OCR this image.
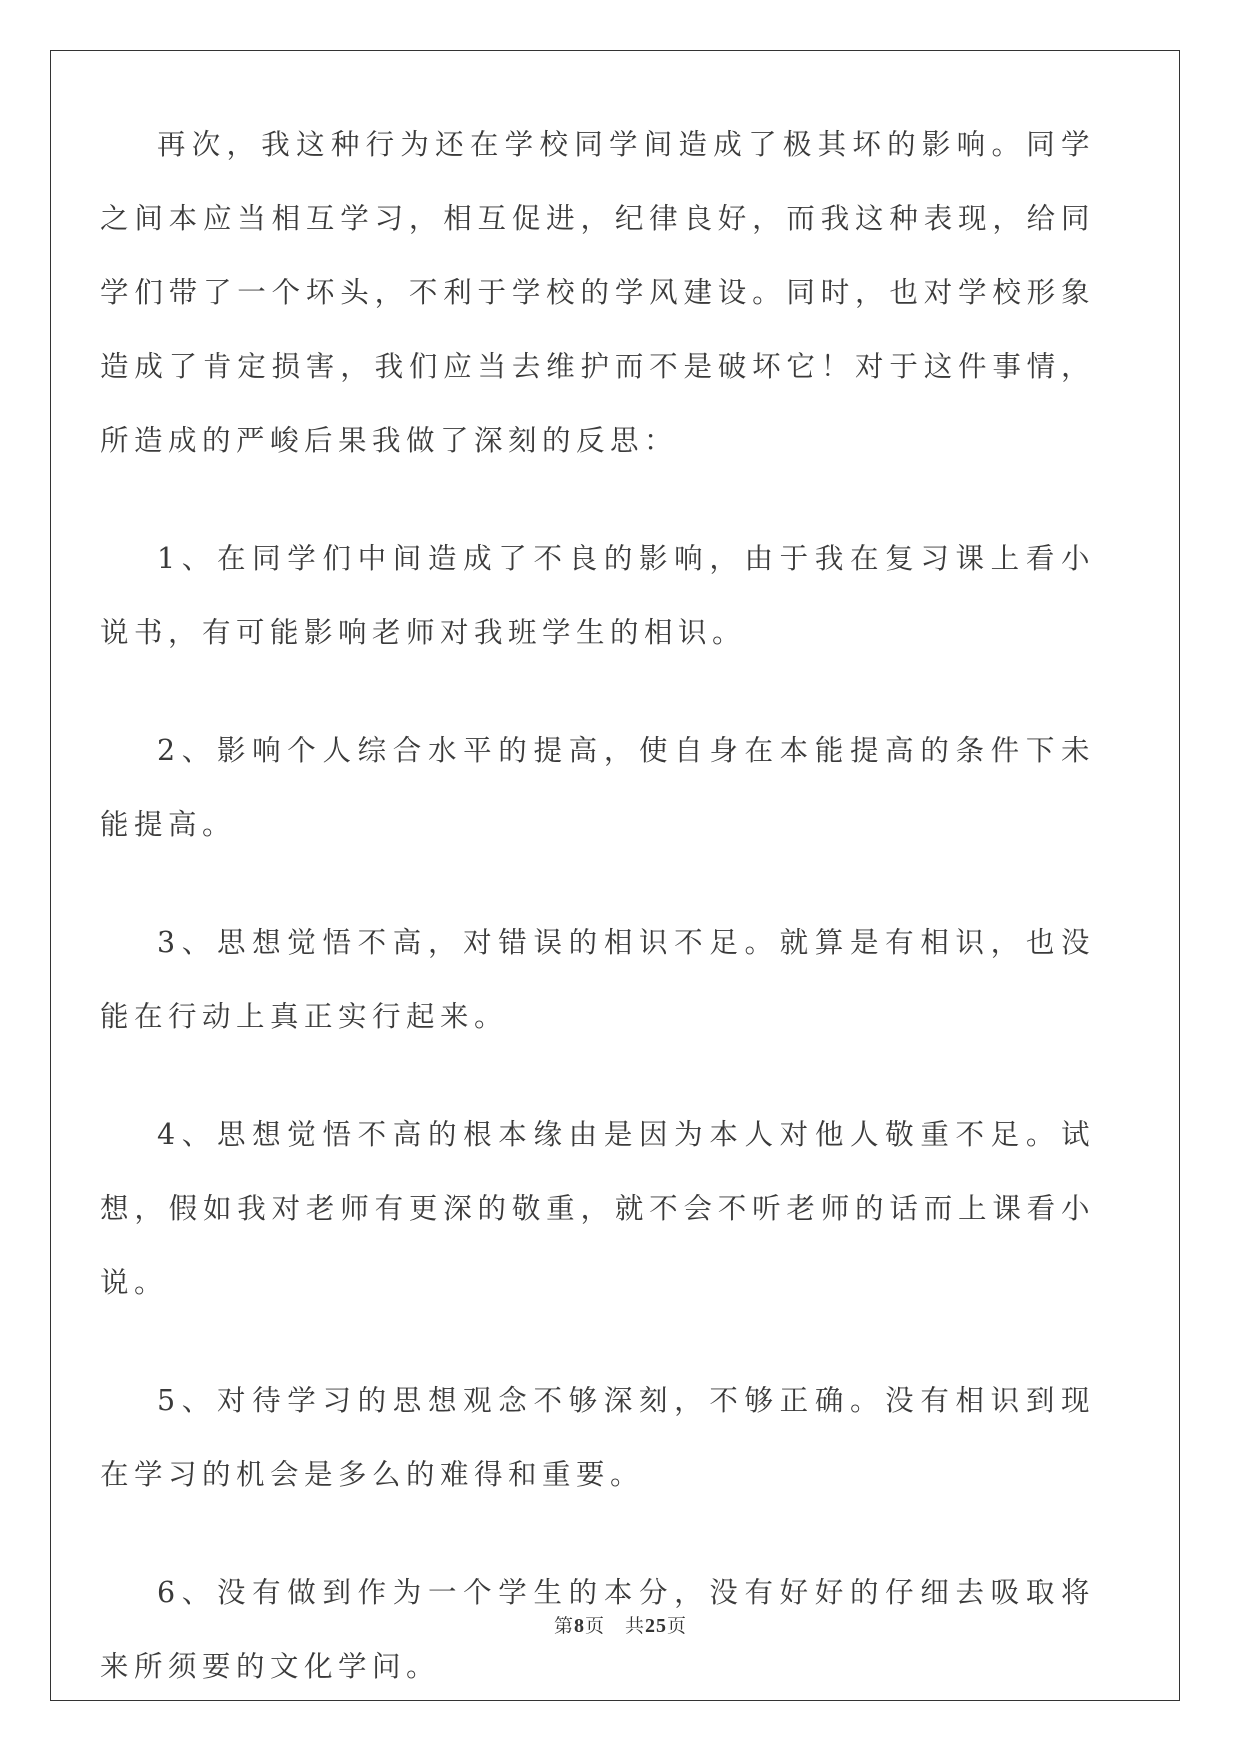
再次，我这种行为还在学校同学间造成了极其坏的影响。同学之间本应当相互学习，相互促进，纪律良好，而我这种表现，给同学们带了一个坏头，不利于学校的学风建设。同时，也对学校形象造成了肯定损害，我们应当去维护而不是破坏它！对于这件事情，所造成的严峻后果我做了深刻的反思：

1、在同学们中间造成了不良的影响，由于我在复习课上看小说书，有可能影响老师对我班学生的相识。

2、影响个人综合水平的提高，使自身在本能提高的条件下未能提高。

3、思想觉悟不高，对错误的相识不足。就算是有相识，也没能在行动上真正实行起来。

4、思想觉悟不高的根本缘由是因为本人对他人敬重不足。试想，假如我对老师有更深的敬重，就不会不听老师的话而上课看小说。

5、对待学习的思想观念不够深刻，不够正确。没有相识到现在学习的机会是多么的难得和重要。

6、没有做到作为一个学生的本分，没有好好的仔细去吸取将来所须要的文化学问。

第8页 共25页
